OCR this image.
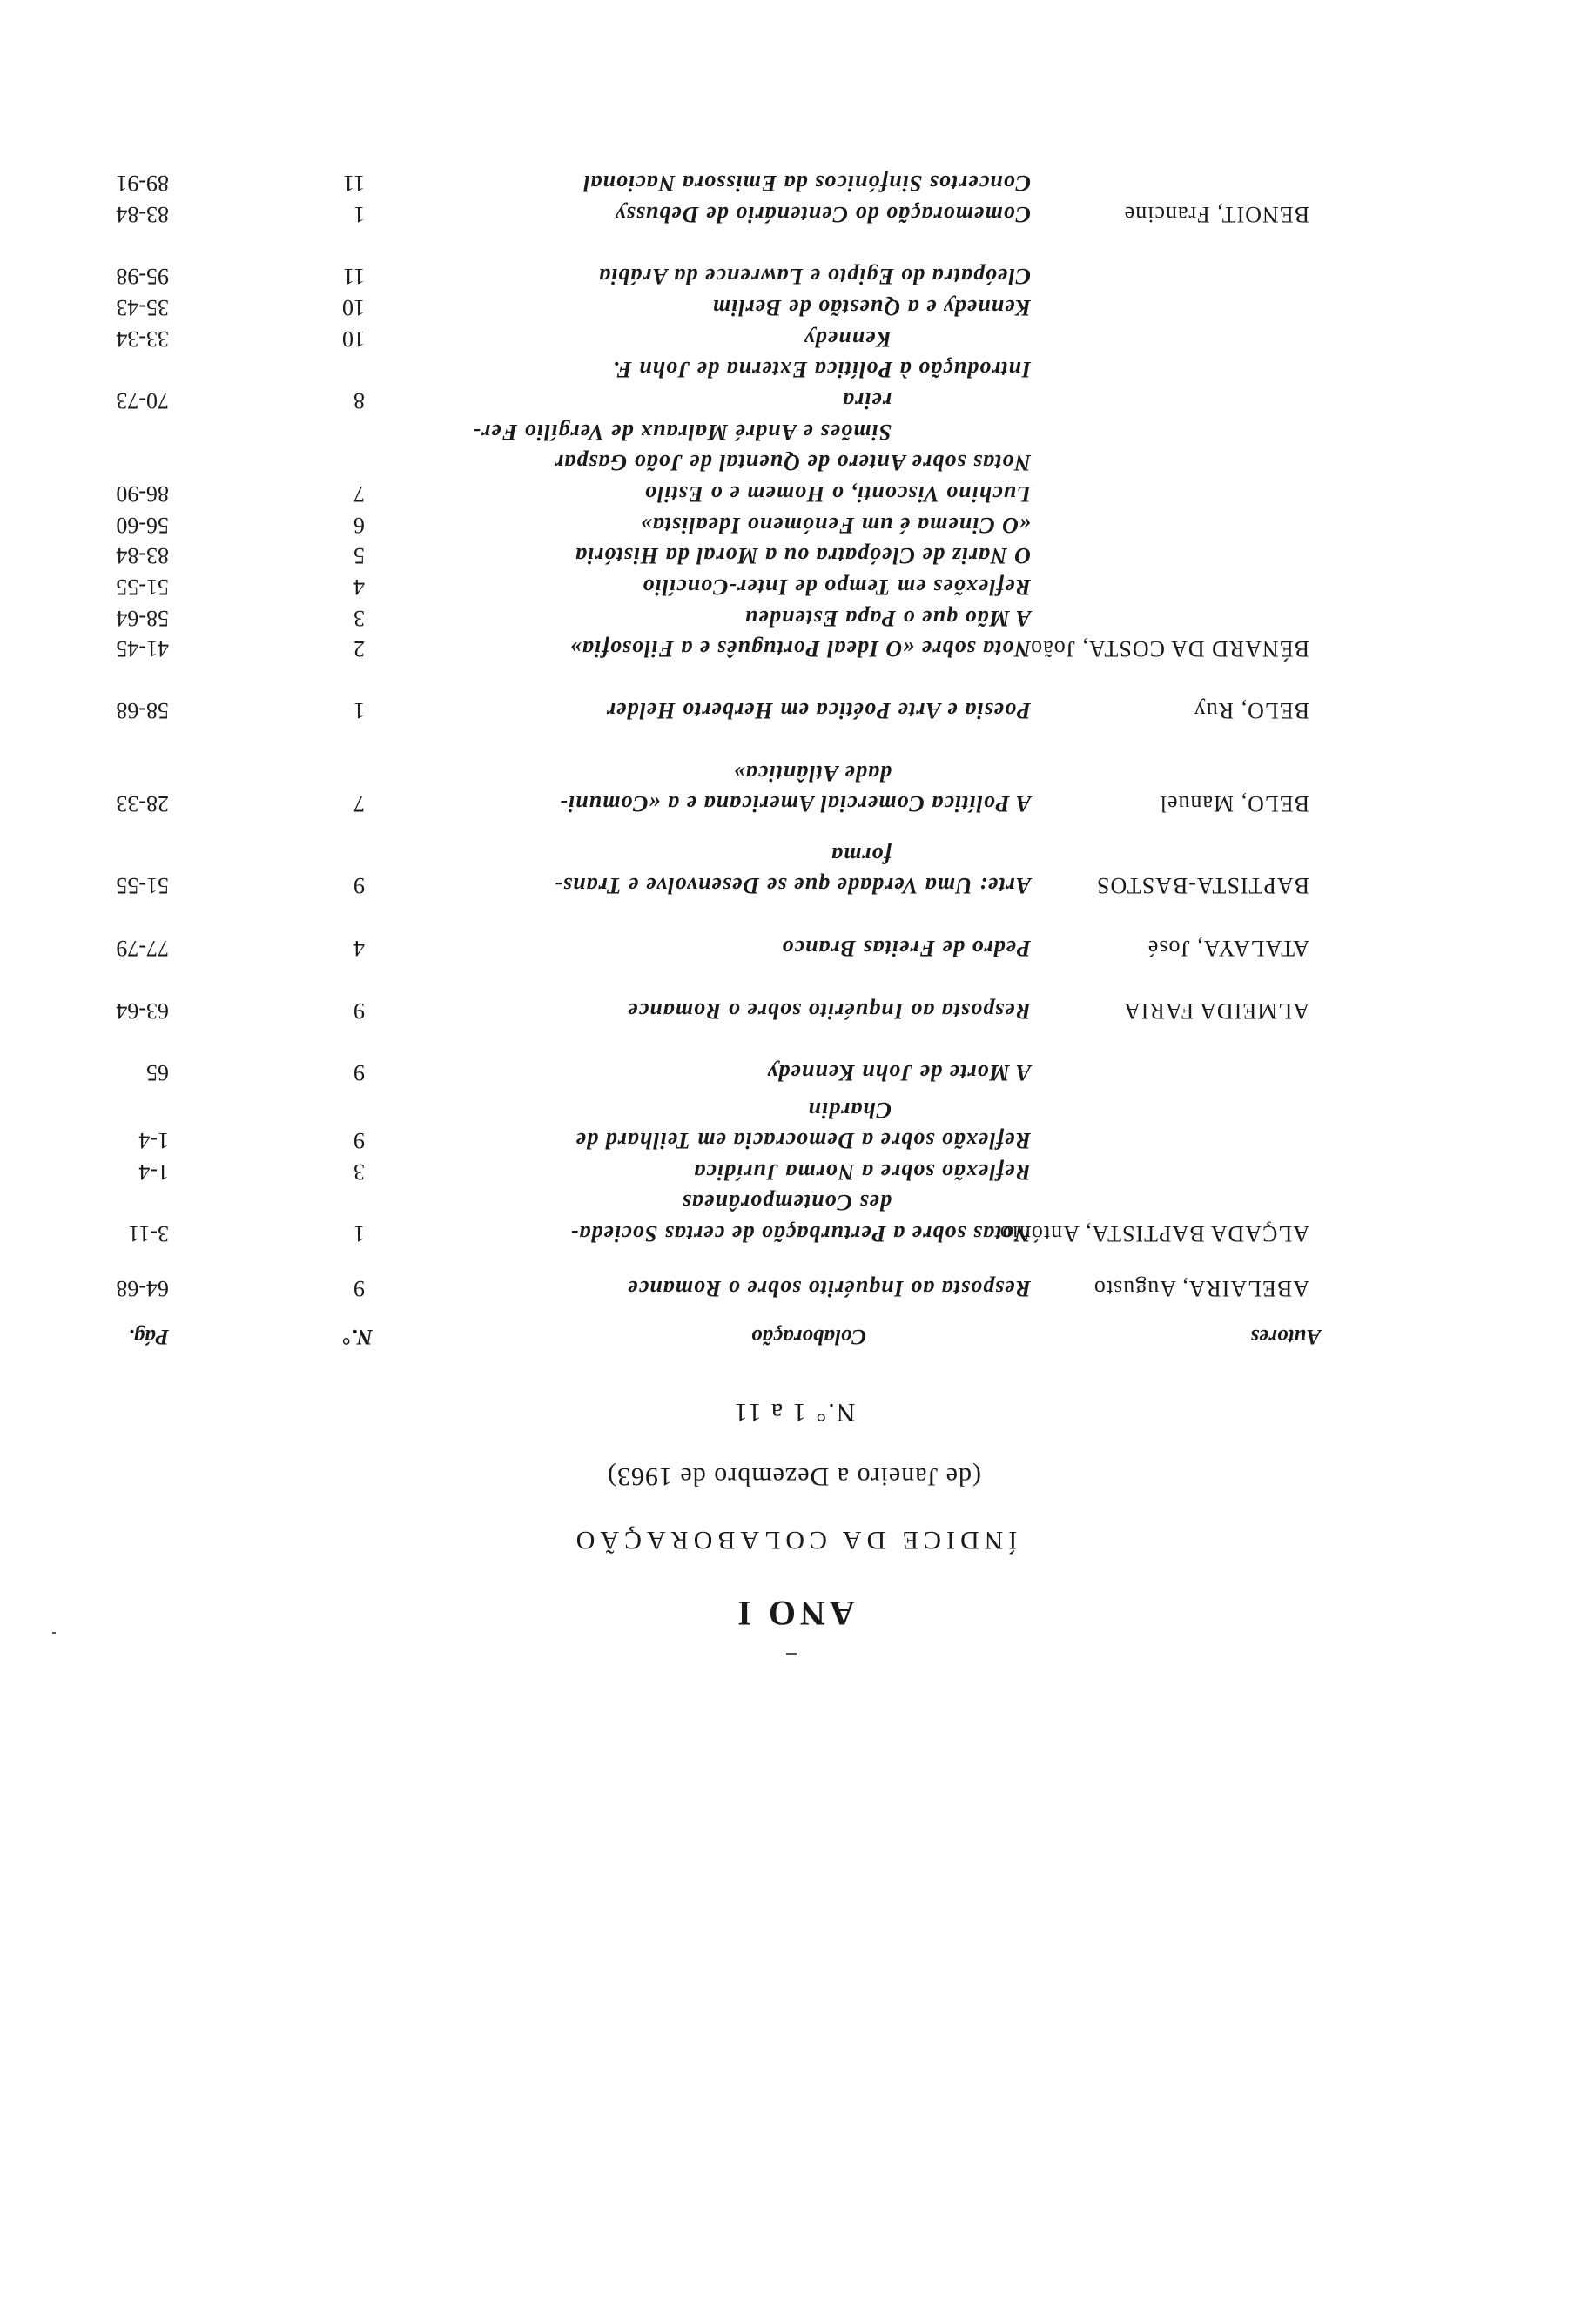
ANO I
ÍNDICE DA COLABORAÇÃO
(de Janeiro a Dezembro de 1963)
N.° 1 a 11
Autores
Colaboração
N.°
Pág.
ABELAIRA, Augusto
Resposta ao Inquérito sobre o Romance
9
64-68
ALÇADA BAPTISTA, António
Notas sobre a Perturbação de certas Socieda-
1
3-11
des Contemporâneas
Reflexão sobre a Norma Jurídica
3
1-4
Reflexão sobre a Democracia em Teilhard de
9
1-4
Chardin
A Morte de John Kennedy
9
65
ALMEIDA FARIA
Resposta ao Inquérito sobre o Romance
9
63-64
ATALAYA, José
Pedro de Freitas Branco
4
77-79
BAPTISTA-BASTOS
Arte: Uma Verdade que se Desenvolve e Trans-
9
51-55
forma
BELO, Manuel
A Política Comercial Americana e a «Comuni-
7
28-33
dade Atlântica»
BELO, Ruy
Poesia e Arte Poética em Herberto Helder
1
58-68
BÉNARD DA COSTA, João
Nota sobre «O Ideal Português e a Filosofia»
2
41-45
A Mão que o Papa Estendeu
3
58-64
Reflexões em Tempo de Inter-Concílio
4
51-55
O Nariz de Cleópatra ou a Moral da História
5
83-84
«O Cinema é um Fenómeno Idealista»
6
56-60
Luchino Visconti, o Homem e o Estilo
7
86-90
Notas sobre Antero de Quental de João Gaspar
Simões e André Malraux de Vergílio Fer-
reira
8
70-73
Introdução à Política Externa de John F.
Kennedy
10
33-34
Kennedy e a Questão de Berlim
10
35-43
Cleópatra do Egipto e Lawrence da Arábia
11
95-98
BENOIT, Francine
Comemoração do Centenário de Debussy
1
83-84
Concertos Sinfónicos da Emissora Nacional
11
89-91
